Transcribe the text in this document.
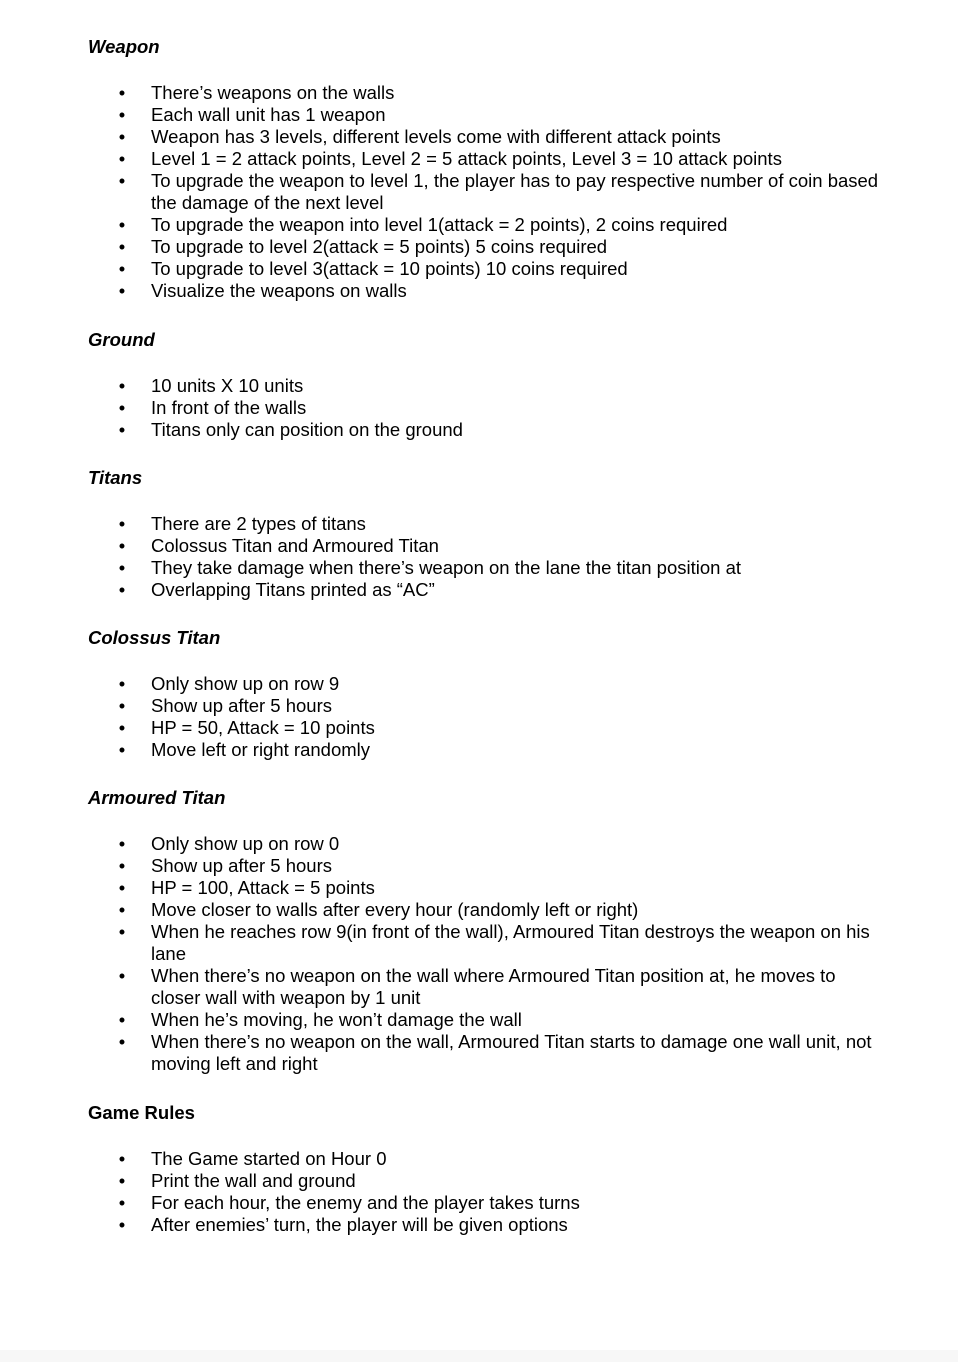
Weapon
• There’s weapons on the walls
• Each wall unit has 1 weapon
• Weapon has 3 levels, different levels come with different attack points
• Level 1 = 2 attack points, Level 2 = 5 attack points, Level 3 = 10 attack points
• To upgrade the weapon to level 1, the player has to pay respective number of coin based the damage of the next level
• To upgrade the weapon into level 1(attack = 2 points), 2 coins required
• To upgrade to level 2(attack = 5 points) 5 coins required
• To upgrade to level 3(attack = 10 points) 10 coins required
• Visualize the weapons on walls
Ground
• 10 units X 10 units
• In front of the walls
• Titans only can position on the ground
Titans
• There are 2 types of titans
• Colossus Titan and Armoured Titan
• They take damage when there’s weapon on the lane the titan position at
• Overlapping Titans printed as “AC”
Colossus Titan
• Only show up on row 9
• Show up after 5 hours
• HP = 50, Attack = 10 points
• Move left or right randomly
Armoured Titan
• Only show up on row 0
• Show up after 5 hours
• HP = 100, Attack = 5 points
• Move closer to walls after every hour (randomly left or right)
• When he reaches row 9(in front of the wall), Armoured Titan destroys the weapon on his lane
• When there’s no weapon on the wall where Armoured Titan position at, he moves to closer wall with weapon by 1 unit
• When he’s moving, he won’t damage the wall
• When there’s no weapon on the wall, Armoured Titan starts to damage one wall unit, not moving left and right
Game Rules
• The Game started on Hour 0
• Print the wall and ground
• For each hour, the enemy and the player takes turns
• After enemies’ turn, the player will be given options
